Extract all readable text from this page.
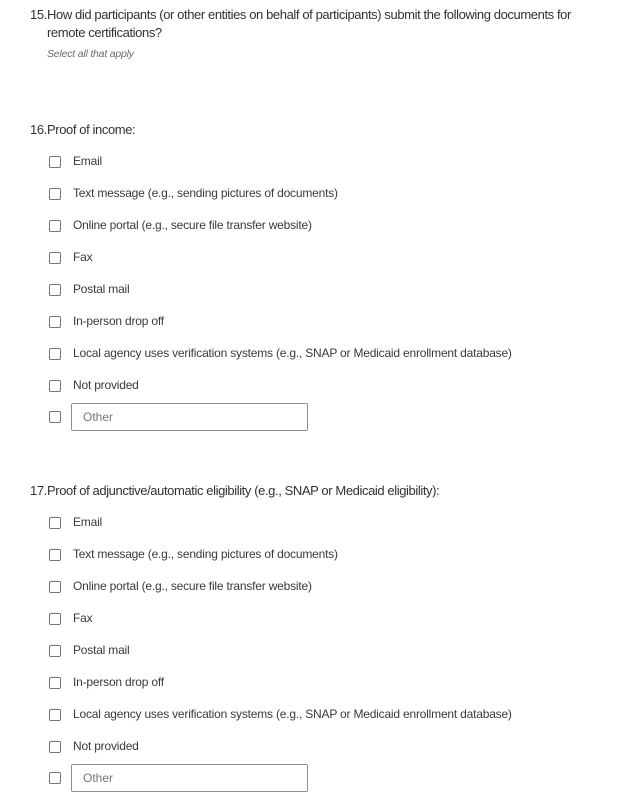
15. How did participants (or other entities on behalf of participants) submit the following documents for remote certifications?
Select all that apply
16. Proof of income:
Email
Text message (e.g., sending pictures of documents)
Online portal (e.g., secure file transfer website)
Fax
Postal mail
In-person drop off
Local agency uses verification systems (e.g., SNAP or Medicaid enrollment database)
Not provided
Other
17. Proof of adjunctive/automatic eligibility (e.g., SNAP or Medicaid eligibility):
Email
Text message (e.g., sending pictures of documents)
Online portal (e.g., secure file transfer website)
Fax
Postal mail
In-person drop off
Local agency uses verification systems (e.g., SNAP or Medicaid enrollment database)
Not provided
Other
